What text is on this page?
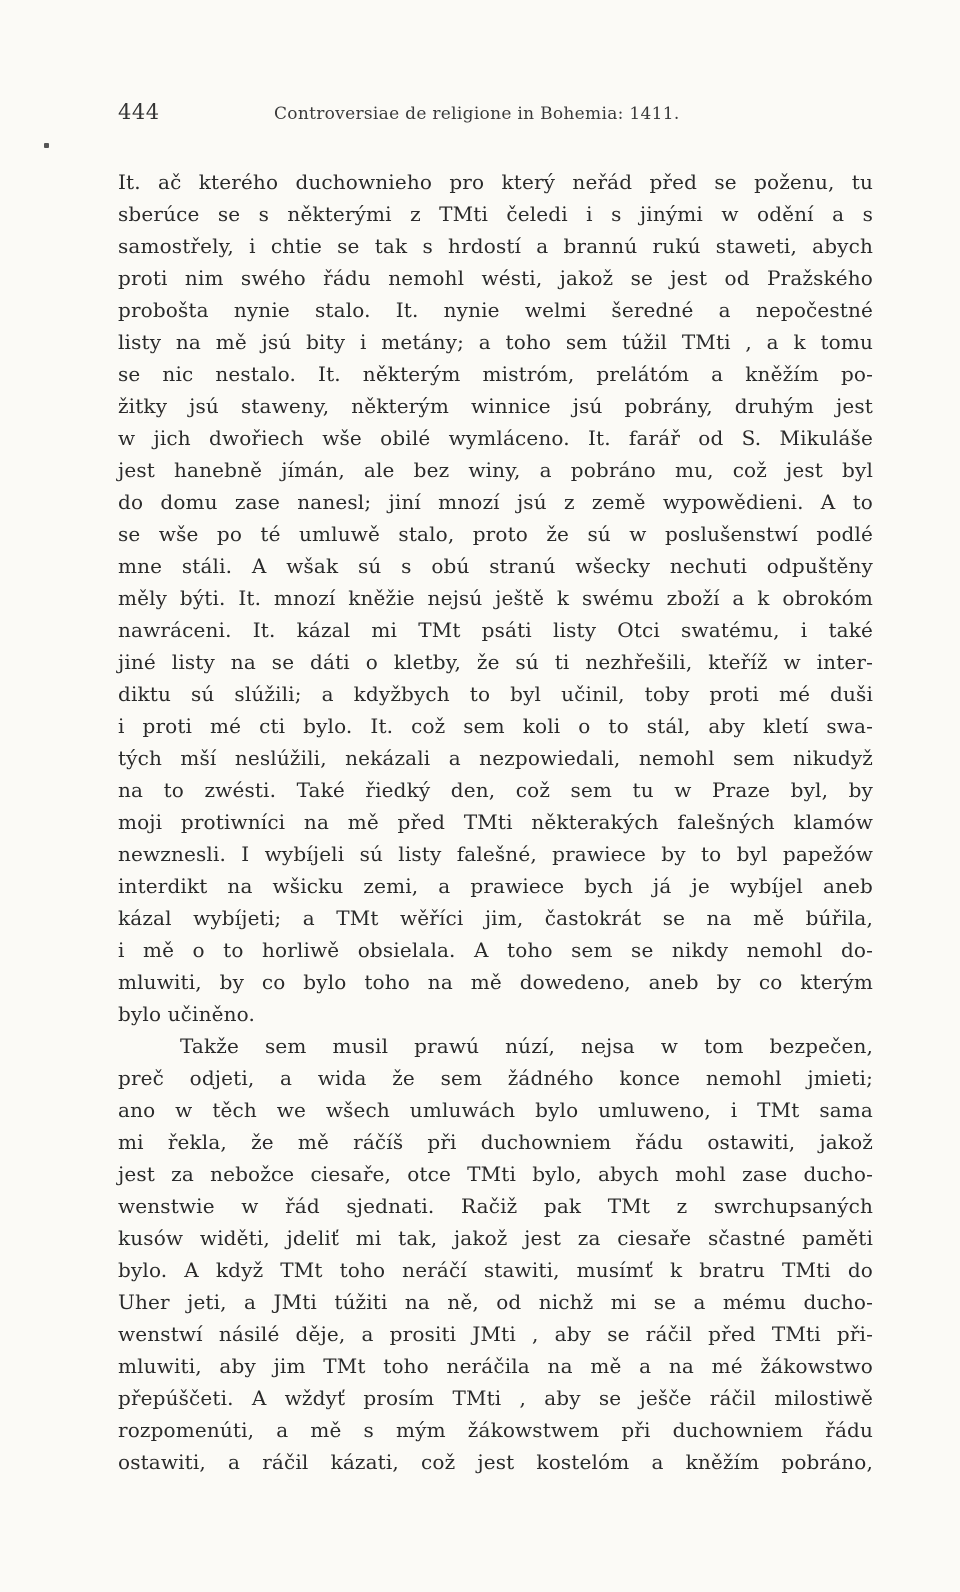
444	Controversiae de religione in Bohemia: 1411.
It. ač kterého duchownieho pro který neřád před se poženu, tu
sberúce se s některými z TMti čeledi i s jinými w odění a s
samostřely, i chtie se tak s hrdostí a brannú rukú staweti, abych
proti nim swého řádu nemohl wésti, jakož se jest od Pražského
probošta nynie stalo. It. nynie welmi šeredné a nepočestné
listy na mě jsú bity i metány; a toho sem túžil TMti , a k tomu
se nic nestalo. It. některým mistróm, prelátóm a kněžím po-
žitky jsú staweny, některým winnice jsú pobrány, druhým jest
w jich dwořiech wše obilé wymláceno. It. farář od S. Mikuláše
jest hanebně jímán, ale bez winy, a pobráno mu, což jest byl
do domu zase nanesl; jiní mnozí jsú z země wypowědieni. A to
se wše po té umluwě stalo, proto že sú w poslušenstwí podlé
mne stáli. A wšak sú s obú stranú wšecky nechuti odpuštěny
měly býti. It. mnozí kněžie nejsú ještě k swému zboží a k obrokóm
nawráceni. It. kázal mi TMt psáti listy Otci swatému, i také
jiné listy na se dáti o kletby, že sú ti nezhřešili, kteříž w inter-
diktu sú slúžili; a kdyžbych to byl učinil, toby proti mé duši
i proti mé cti bylo. It. což sem koli o to stál, aby kletí swa-
tých mší neslúžili, nekázali a nezpowiedali, nemohl sem nikudyž
na to zwésti. Také řiedký den, což sem tu w Praze byl, by
moji protiwníci na mě před TMti některakých falešných klamów
newznesli. I wybíjeli sú listy falešné, prawiece by to byl papežów
interdikt na wšicku zemi, a prawiece bych já je wybíjel aneb
kázal wybíjeti; a TMt wěříci jim, častokrát se na mě búřila,
i mě o to horliwě obsielala. A toho sem se nikdy nemohl do-
mluwiti, by co bylo toho na mě dowedeno, aneb by co kterým
bylo učiněno.
Takže sem musil prawú núzí, nejsa w tom bezpečen,
preč odjeti, a wida že sem žádného konce nemohl jmieti;
ano w těch we wšech umluwách bylo umluweno, i TMt sama
mi řekla, že mě ráčíš při duchowniem řádu ostawiti, jakož
jest za nebožce ciesaře, otce TMti bylo, abych mohl zase ducho-
wenstwie w řád sjednati. Račiž pak TMt z swrchupsaných
kusów widěti, jdeliť mi tak, jakož jest za ciesaře sčastné paměti
bylo. A když TMt toho neráčí stawiti, musímť k bratru TMti do
Uher jeti, a JMti túžiti na ně, od nichž mi se a mému ducho-
wenstwí násilé děje, a prositi JMti , aby se ráčil před TMti při-
mluwiti, aby jim TMt toho neráčila na mě a na mé žákowstwo
přepúščeti. A wždyť prosím TMti , aby se ješče ráčil milostiwě
rozpomenúti, a mě s mým žákowstwem při duchowniem řádu
ostawiti, a ráčil kázati, což jest kostelóm a kněžím pobráno,
